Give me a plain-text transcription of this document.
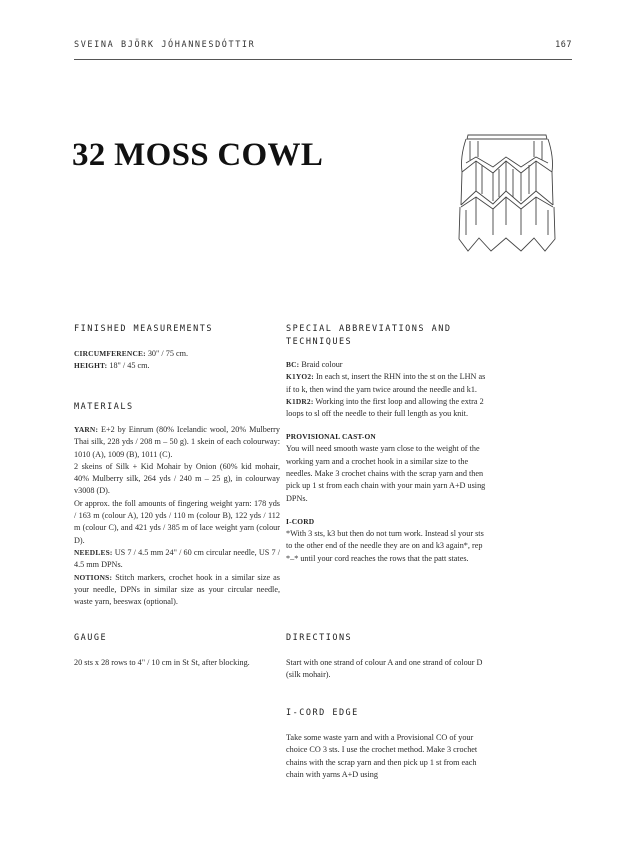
SVEINA BJÖRK JÓHANNESDÓTTIR	167
32 MOSS COWL

FINISHED MEASUREMENTS

CIRCUMFERENCE: 30" / 75 cm.

HEIGHT: 18" / 45 cm.

MATERIALS

YARN: E+2 by Einrum (80% Icelandic wool, 20% Mulberry Thai silk, 228 yds / 208 m – 50 g). 1 skein of each colourway: 1010 (A), 1009 (B), 1011 (C).

2 skeins of Silk + Kid Mohair by Onion (60% kid mohair, 40% Mulberry silk, 264 yds / 240 m – 25 g), in colourway v3008 (D).

Or approx. the foll amounts of fingering weight yarn: 178 yds / 163 m (colour A), 120 yds / 110 m (colour B), 122 yds / 112 m (colour C), and 421 yds / 385 m of lace weight yarn (colour D).

NEEDLES: US 7 / 4.5 mm 24" / 60 cm circular needle, US 7 / 4.5 mm DPNs.

NOTIONS: Stitch markers, crochet hook in a similar size as your needle, DPNs in similar size as your circular needle, waste yarn, beeswax (optional).

GAUGE

20 sts x 28 rows to 4" / 10 cm in St St, after blocking.

SPECIAL ABBREVIATIONS AND TECHNIQUES

BC: Braid colour

K1YO2: In each st, insert the RHN into the st on the LHN as if to k, then wind the yarn twice around the needle and k1.

K1DR2: Working into the first loop and allowing the extra 2 loops to sl off the needle to their full length as you knit.

PROVISIONAL CAST-ON

You will need smooth waste yarn close to the weight of the working yarn and a crochet hook in a similar size to the needles. Make 3 crochet chains with the scrap yarn and then pick up 1 st from each chain with your main yarn A+D using DPNs.

I-CORD

*With 3 sts, k3 but then do not turn work. Instead sl your sts to the other end of the needle they are on and k3 again*, rep *–* until your cord reaches the rows that the patt states.

DIRECTIONS

Start with one strand of colour A and one strand of colour D (silk mohair).

I-CORD EDGE

Take some waste yarn and with a Provisional CO of your choice CO 3 sts. I use the crochet method. Make 3 crochet chains with the scrap yarn and then pick up 1 st from each chain with yarns A+D using
